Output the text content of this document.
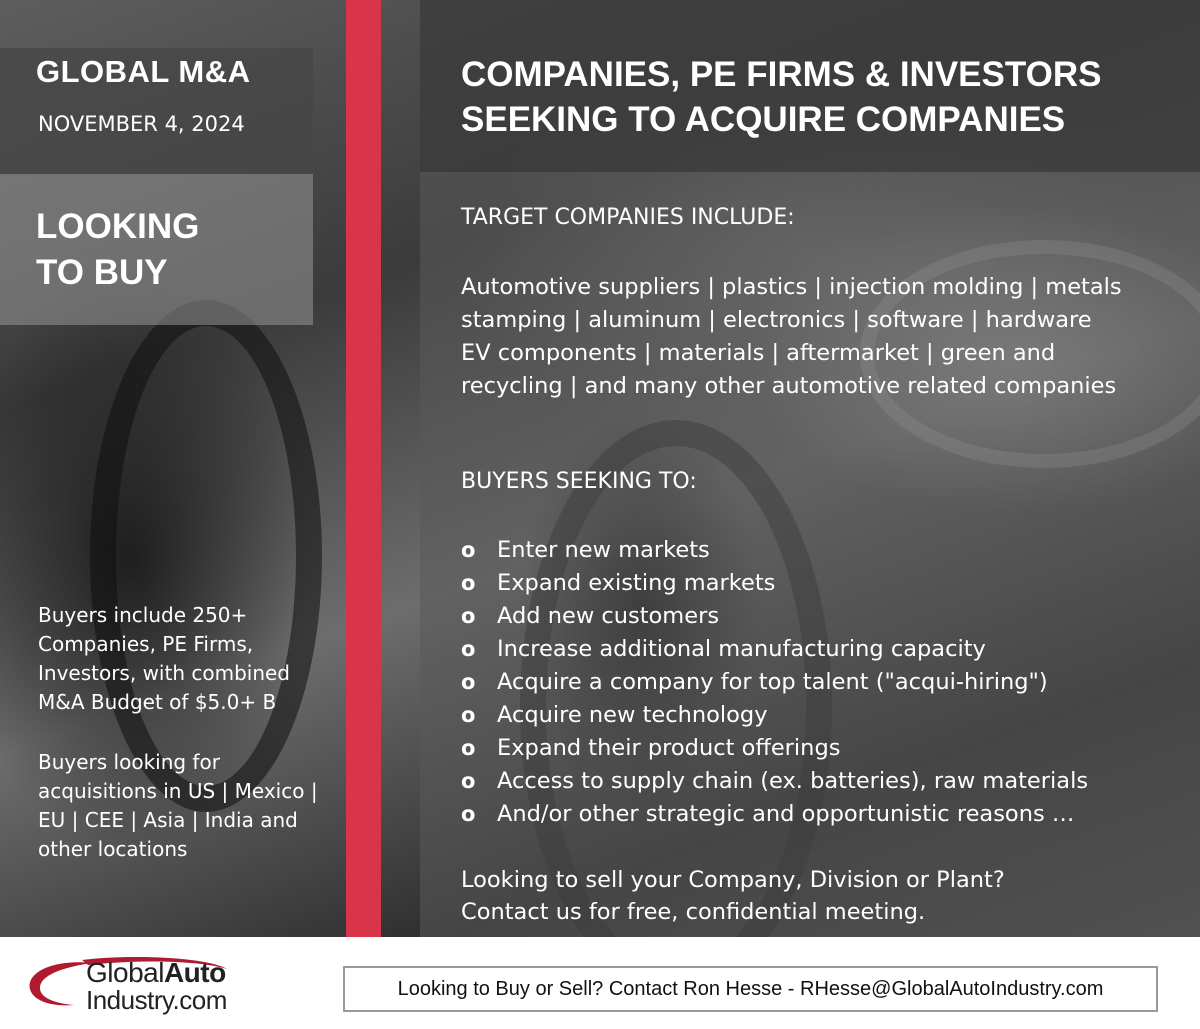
GLOBAL M&A
NOVEMBER 4, 2024
LOOKING
TO BUY
Buyers include 250+ Companies, PE Firms, Investors, with combined M&A Budget of $5.0+ B
Buyers looking for acquisitions in US | Mexico | EU | CEE | Asia | India and other locations
COMPANIES, PE FIRMS & INVESTORS
SEEKING TO ACQUIRE COMPANIES
TARGET COMPANIES INCLUDE:
Automotive suppliers | plastics | injection molding | metals
stamping | aluminum | electronics | software | hardware
EV components | materials | aftermarket | green and
recycling | and many other automotive related companies
BUYERS SEEKING TO:
o Enter new markets
o Expand existing markets
o Add new customers
o Increase additional manufacturing capacity
o Acquire a company for top talent ("acqui-hiring")
o Acquire new technology
o Expand their product offerings
o Access to supply chain (ex. batteries), raw materials
o And/or other strategic and opportunistic reasons …
Looking to sell your Company, Division or Plant?
Contact us for free, confidential meeting.
GlobalAuto
Industry.com	Looking to Buy or Sell? Contact Ron Hesse - RHesse@GlobalAutoIndustry.com
